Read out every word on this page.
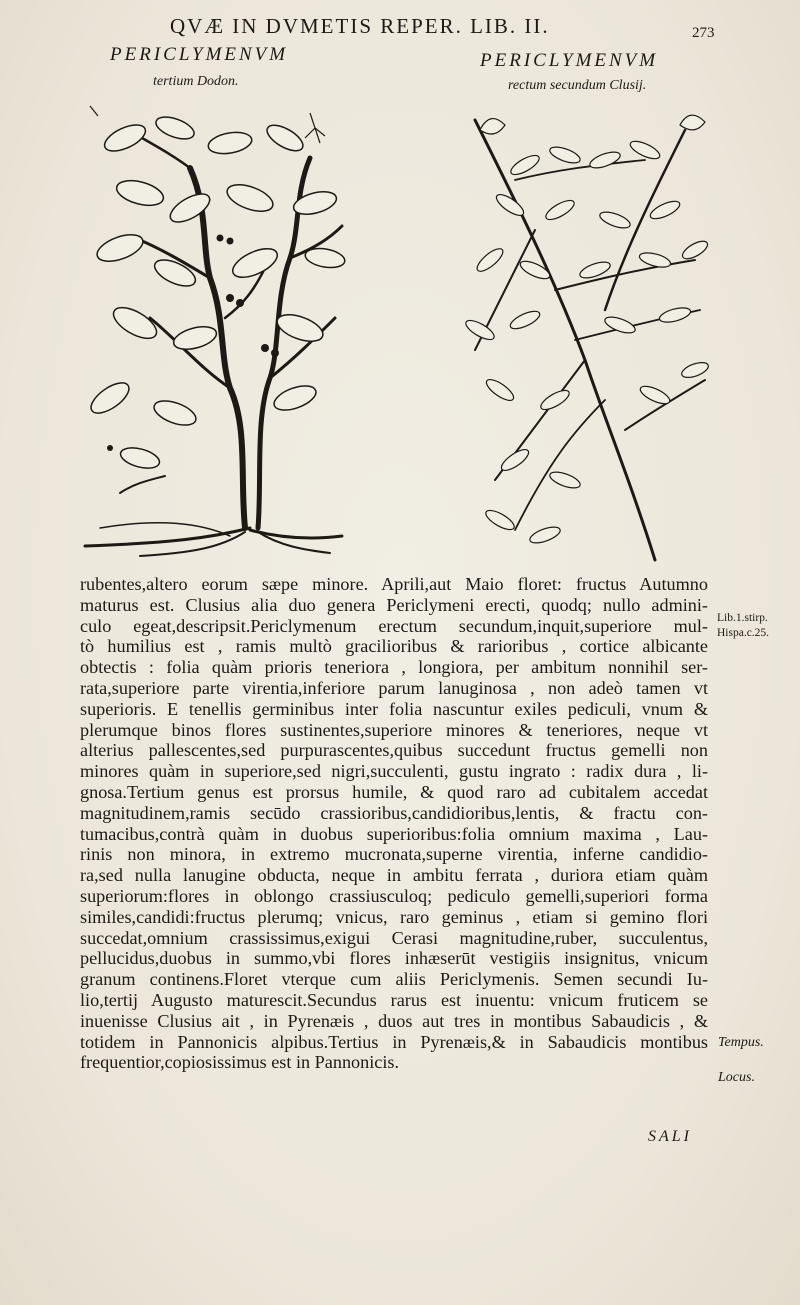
QVÆ IN DVMETIS REPER. LIB. II.	273
PERICLYMENVM
tertium Dodon.
PERICLYMENVM
rectum secundum Clusij.
rubentes,altero eorum sæpe minore. Aprili,aut Maio floret: fructus Autumno
maturus est. Clusius alia duo genera Periclymeni erecti, quodq; nullo admini-
culo egeat,descripsit.Periclymenum erectum secundum,inquit,superiore mul-
tò humilius est , ramis multò gracilioribus & rarioribus , cortice albicante
obtectis : folia quàm prioris teneriora , longiora, per ambitum nonnihil ser-
rata,superiore parte virentia,inferiore parum lanuginosa , non adeò tamen vt
superioris. E tenellis germinibus inter folia nascuntur exiles pediculi, vnum &
plerumque binos flores sustinentes,superiore minores & teneriores, neque vt
alterius pallescentes,sed purpurascentes,quibus succedunt fructus gemelli non
minores quàm in superiore,sed nigri,succulenti, gustu ingrato : radix dura , li-
gnosa.Tertium genus est prorsus humile, & quod raro ad cubitalem accedat
magnitudinem,ramis secūdo crassioribus,candidioribus,lentis, & fractu con-
tumacibus,contrà quàm in duobus superioribus:folia omnium maxima , Lau-
rinis non minora, in extremo mucronata,superne virentia, inferne candidio-
ra,sed nulla lanugine obducta, neque in ambitu ferrata , duriora etiam quàm
superiorum:flores in oblongo crassiusculoq; pediculo gemelli,superiori forma
similes,candidi:fructus plerumq; vnicus, raro geminus , etiam si gemino flori
succedat,omnium crassissimus,exigui Cerasi magnitudine,ruber, succulentus,
pellucidus,duobus in summo,vbi flores inhæserūt vestigiis insignitus, vnicum
granum continens.Floret vterque cum aliis Periclymenis. Semen secundi Iu-
lio,tertij Augusto maturescit.Secundus rarus est inuentu: vnicum fruticem se
inuenisse Clusius ait , in Pyrenæis , duos aut tres in montibus Sabaudicis , &
totidem in Pannonicis alpibus.Tertius in Pyrenæis,& in Sabaudicis montibus
frequentior,copiosissimus est in Pannonicis.
Lib.1.stirp.
Hispa.c.25.
Tempus.
Locus.
SALI
